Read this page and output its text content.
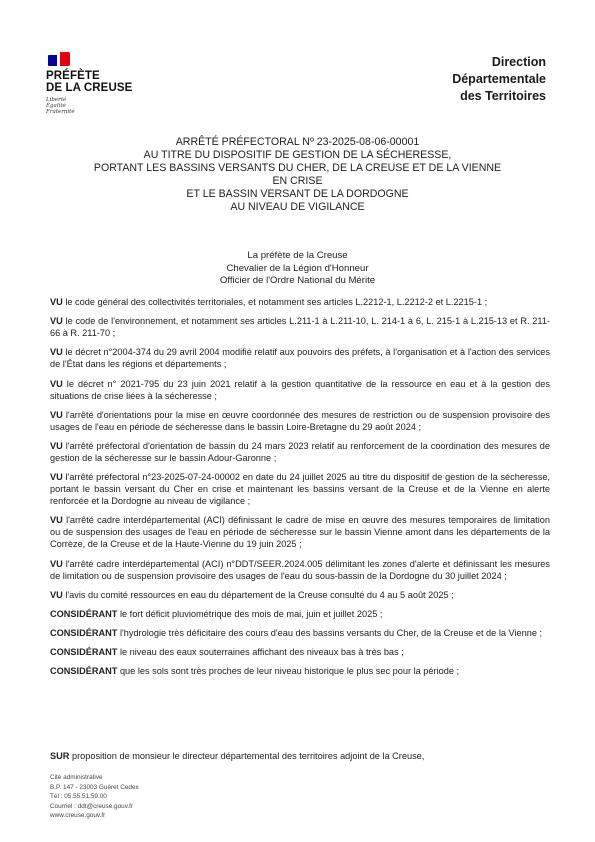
PRÉFÈTE
DE LA CREUSE
Liberté
Égalité
Fraternité
Direction
Départementale
des Territoires
ARRÊTÉ PRÉFECTORAL Nº 23-2025-08-06-00001
AU TITRE DU DISPOSITIF DE GESTION DE LA SÉCHERESSE,
PORTANT LES BASSINS VERSANTS DU CHER, DE LA CREUSE ET DE LA VIENNE
EN CRISE
ET LE BASSIN VERSANT DE LA DORDOGNE
AU NIVEAU DE VIGILANCE
La préfète de la Creuse
Chevalier de la Légion d'Honneur
Officier de l'Ordre National du Mérite

VU le code général des collectivités territoriales, et notamment ses articles L.2212-1, L.2212-2 et L.2215-1 ;

VU le code de l'environnement, et notamment ses articles L.211-1 à L.211-10, L. 214-1 à 6, L. 215-1 à L.215-13 et R. 211-66 à R. 211-70 ;

VU le décret n°2004-374 du 29 avril 2004 modifié relatif aux pouvoirs des préfets, à l'organisation et à l'action des services de l'État dans les régions et départements ;

VU le décret n° 2021-795 du 23 juin 2021 relatif à la gestion quantitative de la ressource en eau et à la gestion des situations de crise liées à la sécheresse ;

VU l'arrêté d'orientations pour la mise en œuvre coordonnée des mesures de restriction ou de suspension provisoire des usages de l'eau en période de sécheresse dans le bassin Loire-Bretagne du 29 août 2024 ;

VU l'arrêté préfectoral d'orientation de bassin du 24 mars 2023 relatif au renforcement de la coordination des mesures de gestion de la sécheresse sur le bassin Adour-Garonne ;

VU l'arrêté préfectoral n°23-2025-07-24-00002 en date du 24 juillet 2025 au titre du dispositif de gestion de la sécheresse, portant le bassin versant du Cher en crise et maintenant les bassins versant de la Creuse et de la Vienne en alerte renforcée et la Dordogne au niveau de vigilance ;

VU l'arrêté cadre interdépartemental (ACI) définissant le cadre de mise en œuvre des mesures temporaires de limitation ou de suspension des usages de l'eau en période de sécheresse sur le bassin Vienne amont dans les départements de la Corrèze, de la Creuse et de la Haute-Vienne du 19 juin 2025 ;

VU l'arrêté cadre interdépartemental (ACI) n°DDT/SEER.2024.005 délimitant les zones d'alerte et définissant les mesures de limitation ou de suspension provisoire des usages de l'eau du sous-bassin de la Dordogne du 30 juillet 2024 ;

VU l'avis du comité ressources en eau du département de la Creuse consulté du 4 au 5 août 2025 ;

CONSIDÉRANT le fort déficit pluviométrique des mois de mai, juin et juillet 2025 ;

CONSIDÉRANT l'hydrologie très déficitaire des cours d'eau des bassins versants du Cher, de la Creuse et de la Vienne ;

CONSIDÉRANT le niveau des eaux souterraines affichant des niveaux bas à très bas ;

CONSIDÉRANT que les sols sont très proches de leur niveau historique le plus sec pour la période ;

SUR proposition de monsieur le directeur départemental des territoires adjoint de la Creuse,
Cité administrative
B.P. 147 - 23003 Guéret Cedex
Tél : 05.55.51.59.00
Courriel : ddt@creuse.gouv.fr
www.creuse.gouv.fr
